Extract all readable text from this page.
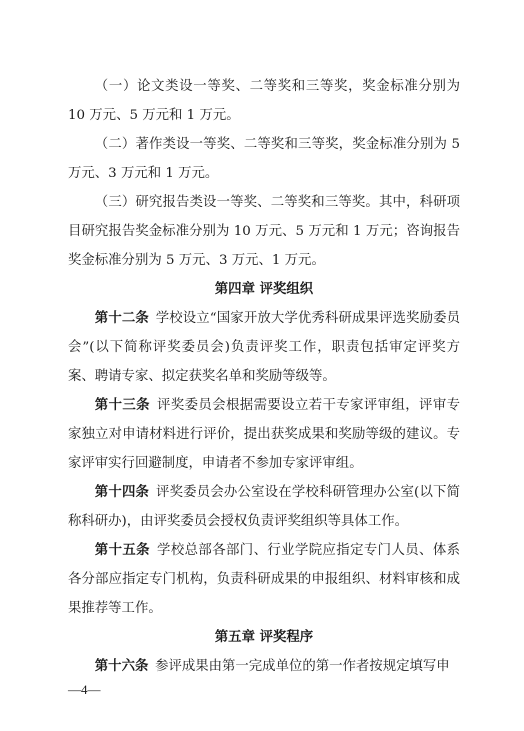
（一）论文类设一等奖、二等奖和三等奖，奖金标准分别为 10 万元、5 万元和 1 万元。

（二）著作类设一等奖、二等奖和三等奖，奖金标准分别为 5 万元、3 万元和 1 万元。

（三）研究报告类设一等奖、二等奖和三等奖。其中，科研项目研究报告奖金标准分别为 10 万元、5 万元和 1 万元；咨询报告奖金标准分别为 5 万元、3 万元、1 万元。

第四章 评奖组织

第十二条  学校设立“国家开放大学优秀科研成果评选奖励委员会”(以下简称评奖委员会)负责评奖工作，职责包括审定评奖方案、聘请专家、拟定获奖名单和奖励等级等。

第十三条  评奖委员会根据需要设立若干专家评审组，评审专家独立对申请材料进行评价，提出获奖成果和奖励等级的建议。专家评审实行回避制度，申请者不参加专家评审组。

第十四条  评奖委员会办公室设在学校科研管理办公室(以下简称科研办)，由评奖委员会授权负责评奖组织等具体工作。

第十五条  学校总部各部门、行业学院应指定专门人员、体系各分部应指定专门机构，负责科研成果的申报组织、材料审核和成果推荐等工作。

第五章 评奖程序

第十六条  参评成果由第一完成单位的第一作者按规定填写申

—4—
